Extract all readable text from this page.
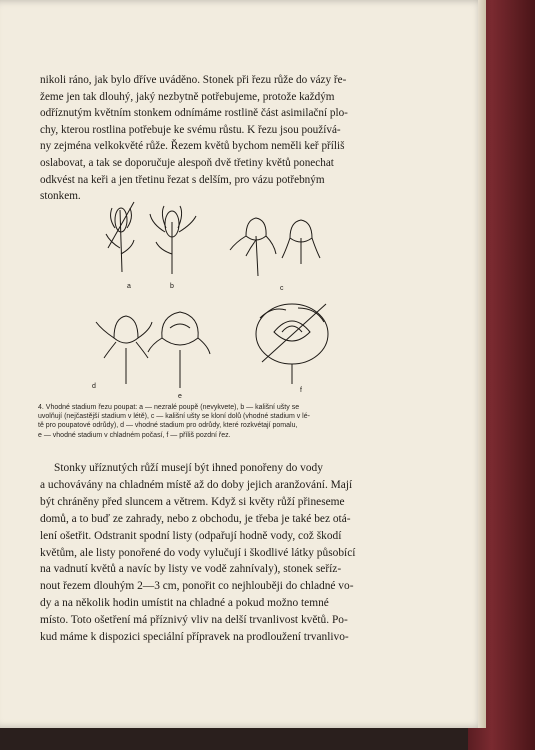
nikoli ráno, jak bylo dříve uváděno. Stonek při řezu růže do vázy ře-
žeme jen tak dlouhý, jaký nezbytně potřebujeme, protože každým
odříznutým květním stonkem odnímáme rostlině část asimilační plo-
chy, kterou rostlina potřebuje ke svému růstu. K řezu jsou používá-
ny zejména velkokvěté růže. Řezem květů bychom neměli keř příliš
oslabovat, a tak se doporučuje alespoň dvě třetiny květů ponechat
odkvést na keři a jen třetinu řezat s delším, pro vázu potřebným
stonkem.
a	b	c
d
e
f
4. Vhodné stadium řezu poupat: a — nezralé poupě (nevykvete), b — kališní ušty se
uvolňují (nejčastější stadium v létě), c — kališní ušty se kloní dolů (vhodné stadium v lé-
tě pro poupatové odrůdy), d — vhodné stadium pro odrůdy, které rozkvétají pomalu,
e — vhodné stadium v chladném počasí, f — příliš pozdní řez.
Stonky uříznutých růží musejí být ihned ponořeny do vody
a uchovávány na chladném místě až do doby jejich aranžování. Mají
být chráněny před sluncem a větrem. Když si květy růží přineseme
domů, a to buď ze zahrady, nebo z obchodu, je třeba je také bez otá-
lení ošetřit. Odstranit spodní listy (odpařují hodně vody, což škodí
květům, ale listy ponořené do vody vylučují i škodlivé látky působící
na vadnutí květů a navíc by listy ve vodě zahnívaly), stonek seříz-
nout řezem dlouhým 2—3 cm, ponořit co nejhlouběji do chladné vo-
dy a na několik hodin umístit na chladné a pokud možno temné
místo. Toto ošetření má příznivý vliv na delší trvanlivost květů. Po-
kud máme k dispozici speciální přípravek na prodloužení trvanlivo-
